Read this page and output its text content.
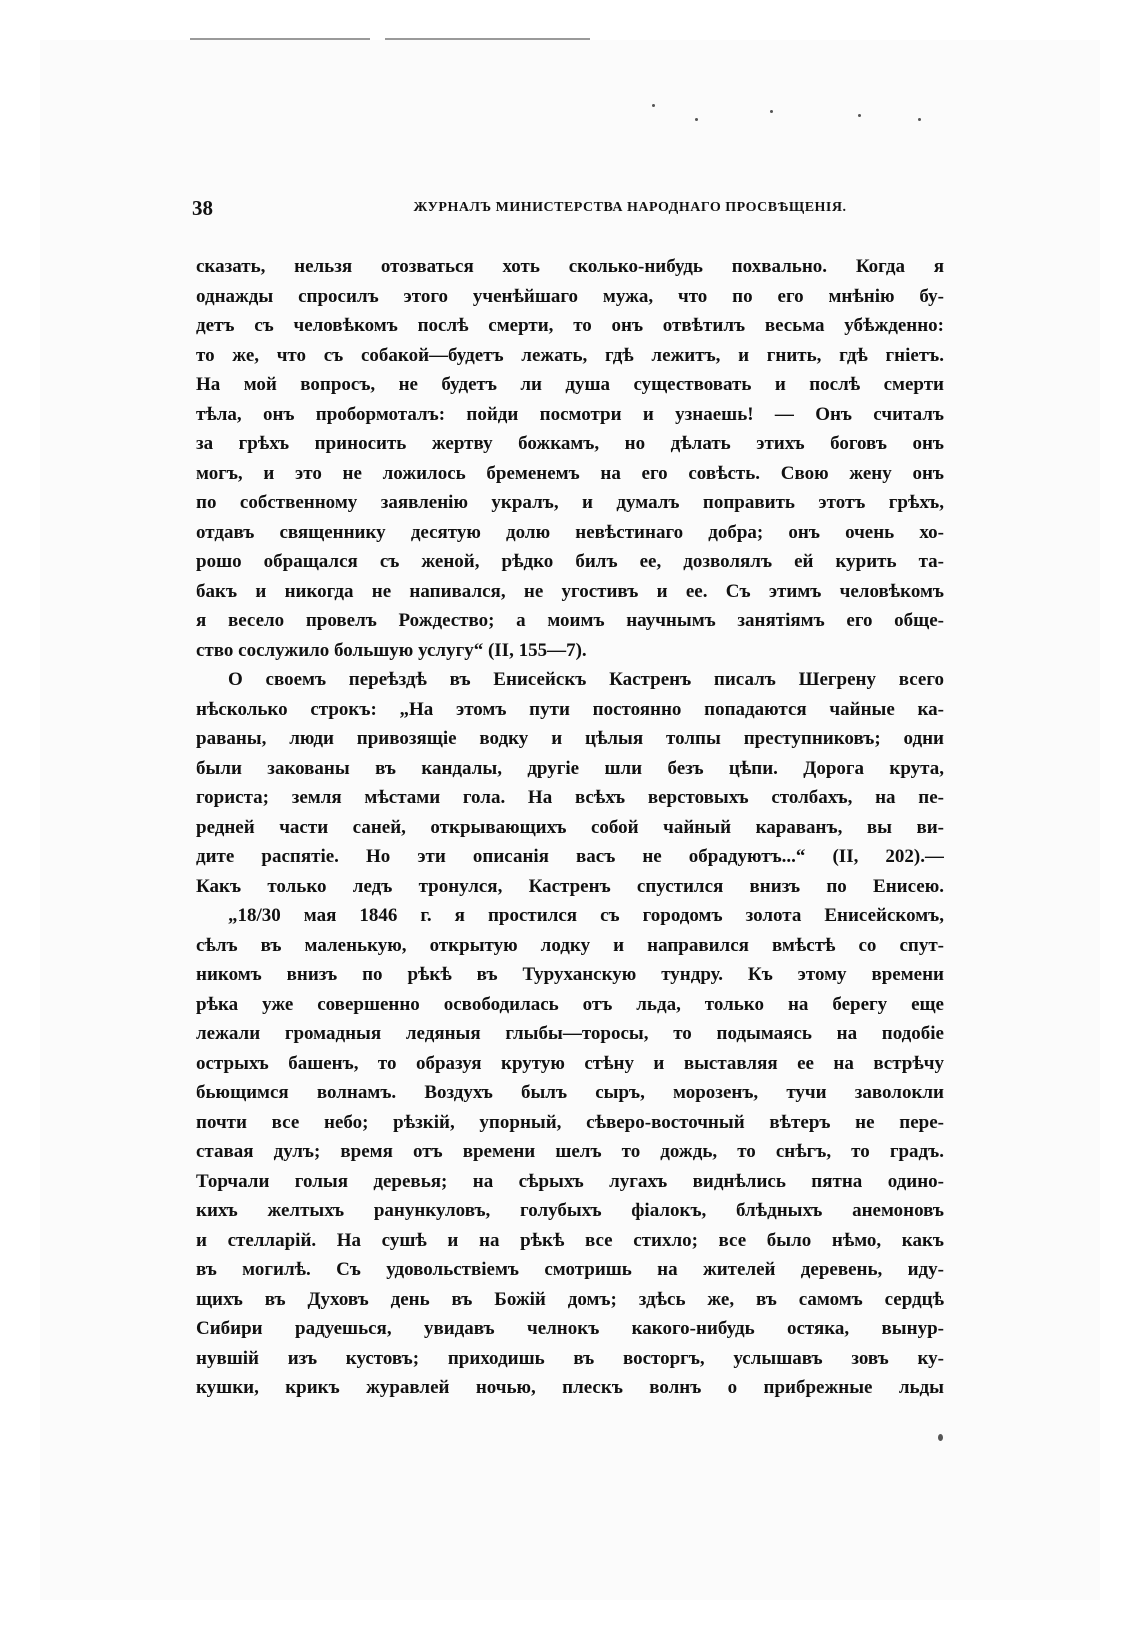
38	ЖУРНАЛЪ МИНИСТЕРСТВА НАРОДНАГО ПРОСВѢЩЕНІЯ.
сказать, нельзя отозваться хоть сколько-нибудь похвально. Когда я
однажды спросилъ этого ученѣйшаго мужа, что по его мнѣнію бу-
детъ съ человѣкомъ послѣ смерти, то онъ отвѣтилъ весьма убѣжденно:
то же, что съ собакой—будетъ лежать, гдѣ лежитъ, и гнить, гдѣ гніетъ.
На мой вопросъ, не будетъ ли душа существовать и послѣ смерти
тѣла, онъ пробормоталъ: пойди посмотри и узнаешь! — Онъ считалъ
за грѣхъ приносить жертву божкамъ, но дѣлать этихъ боговъ онъ
могъ, и это не ложилось бременемъ на его совѣсть. Свою жену онъ
по собственному заявленію укралъ, и думалъ поправить этотъ грѣхъ,
отдавъ священнику десятую долю невѣстинаго добра; онъ очень хо-
рошо обращался съ женой, рѣдко билъ ее, дозволялъ ей курить та-
бакъ и никогда не напивался, не угостивъ и ее. Съ этимъ человѣкомъ
я весело провелъ Рождество; а моимъ научнымъ занятіямъ его обще-
ство сослужило большую услугу“ (II, 155—7).
О своемъ переѣздѣ въ Енисейскъ Кастренъ писалъ Шегрену всего
нѣсколько строкъ: „На этомъ пути постоянно попадаются чайные ка-
раваны, люди привозящіе водку и цѣлыя толпы преступниковъ; одни
были закованы въ кандалы, другіе шли безъ цѣпи. Дорога крута,
гориста; земля мѣстами гола. На всѣхъ верстовыхъ столбахъ, на пе-
редней части саней, открывающихъ собой чайный караванъ, вы ви-
дите распятіе. Но эти описанія васъ не обрадуютъ...“ (II, 202).—
Какъ только ледъ тронулся, Кастренъ спустился внизъ по Енисею.
„18/30 мая 1846 г. я простился съ городомъ золота Енисейскомъ,
сѣлъ въ маленькую, открытую лодку и направился вмѣстѣ со спут-
никомъ внизъ по рѣкѣ въ Туруханскую тундру. Къ этому времени
рѣка уже совершенно освободилась отъ льда, только на берегу еще
лежали громадныя ледяныя глыбы—торосы, то подымаясь на подобіе
острыхъ башенъ, то образуя крутую стѣну и выставляя ее на встрѣчу
бьющимся волнамъ. Воздухъ былъ сыръ, морозенъ, тучи заволокли
почти все небо; рѣзкій, упорный, сѣверо-восточный вѣтеръ не пере-
ставая дулъ; время отъ времени шелъ то дождь, то снѣгъ, то градъ.
Торчали голыя деревья; на сѣрыхъ лугахъ виднѣлись пятна одино-
кихъ желтыхъ ранункуловъ, голубыхъ фіалокъ, блѣдныхъ анемоновъ
и стелларій. На сушѣ и на рѣкѣ все стихло; все было нѣмо, какъ
въ могилѣ. Съ удовольствіемъ смотришь на жителей деревень, иду-
щихъ въ Духовъ день въ Божій домъ; здѣсь же, въ самомъ сердцѣ
Сибири радуешься, увидавъ челнокъ какого-нибудь остяка, вынyр-
нувшій изъ кустовъ; приходишь въ восторгъ, услышавъ зовъ ку-
кушки, крикъ журавлей ночью, плескъ волнъ о прибрежные льды
